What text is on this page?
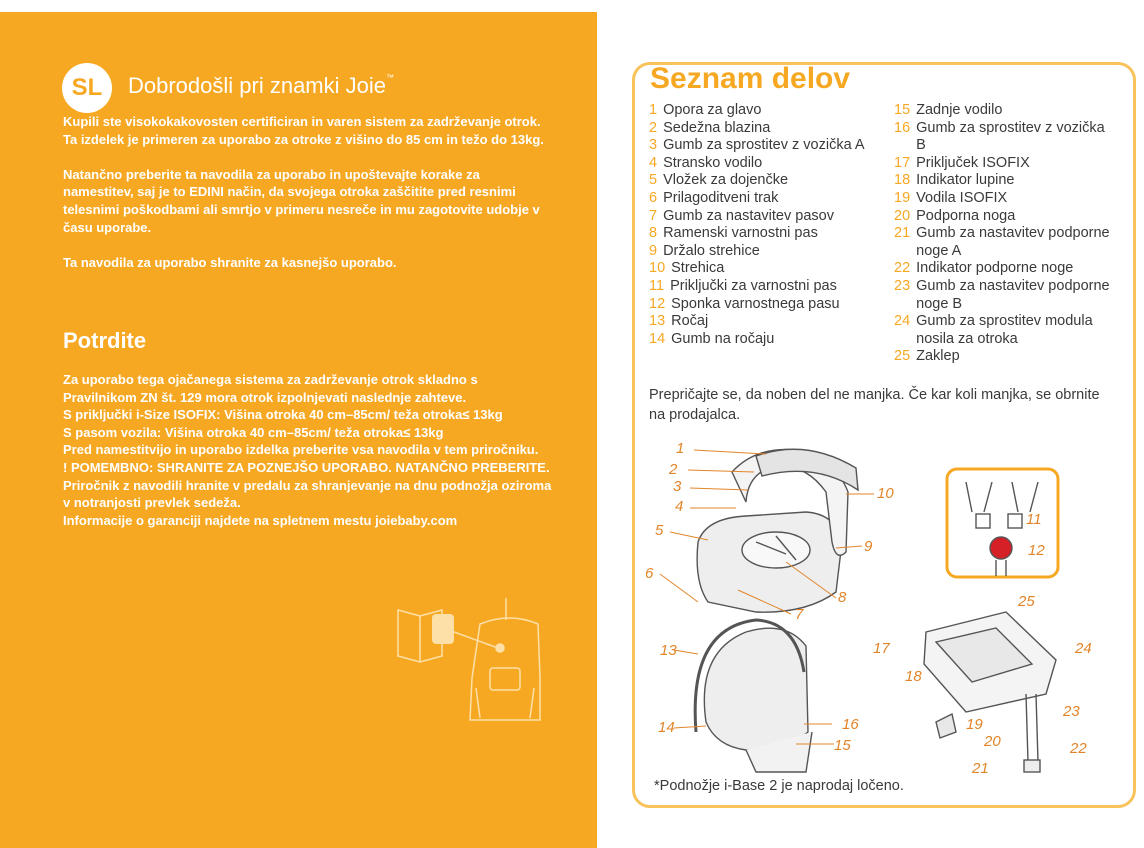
SL	Dobrodošli pri znamki Joie™

Kupili ste visokokakovosten certificiran in varen sistem za zadrževanje otrok. Ta izdelek je primeren za uporabo za otroke z višino do 85 cm in težo do 13kg.

Natančno preberite ta navodila za uporabo in upoštevajte korake za namestitev, saj je to EDINI način, da svojega otroka zaščitite pred resnimi telesnimi poškodbami ali smrtjo v primeru nesreče in mu zagotovite udobje v času uporabe.

Ta navodila za uporabo shranite za kasnejšo uporabo.

Potrdite

Za uporabo tega ojačanega sistema za zadrževanje otrok skladno s Pravilnikom ZN št. 129 mora otrok izpolnjevati naslednje zahteve.

S priključki i-Size ISOFIX: Višina otroka 40 cm–85cm/ teža otroka≤ 13kg

S pasom vozila: Višina otroka 40 cm–85cm/ teža otroka≤ 13kg

Pred namestitvijo in uporabo izdelka preberite vsa navodila v tem priročniku.

! POMEMBNO: SHRANITE ZA POZNEJŠO UPORABO. NATANČNO PREBERITE.

Priročnik z navodili hranite v predalu za shranjevanje na dnu podnožja oziroma v notranjosti prevlek sedeža.

Informacije o garanciji najdete na spletnem mestu joiebaby.com

Seznam delov
1 Opora za glavo
2 Sedežna blazina
3 Gumb za sprostitev z vozička A
4 Stransko vodilo
5 Vložek za dojenčke
6 Prilagoditveni trak
7 Gumb za nastavitev pasov
8 Ramenski varnostni pas
9 Držalo strehice
10 Strehica
11 Priključki za varnostni pas
12 Sponka varnostnega pasu
13 Ročaj
14 Gumb na ročaju
15 Zadnje vodilo
16 Gumb za sprostitev z vozička B
17 Priključek ISOFIX
18 Indikator lupine
19 Vodila ISOFIX
20 Podporna noga
21 Gumb za nastavitev podporne noge A
22 Indikator podporne noge
23 Gumb za nastavitev podporne noge B
24 Gumb za sprostitev modula nosila za otroka
25 Zaklep
Prepričajte se, da noben del ne manjka. Če kar koli manjka, se obrnite na prodajalca.
1
2
3
4
5
6
7
8
9
10
11
12
13
14
15
16
17
18
19
20
21
22
23
24
25
*Podnožje i-Base 2 je naprodaj ločeno.
